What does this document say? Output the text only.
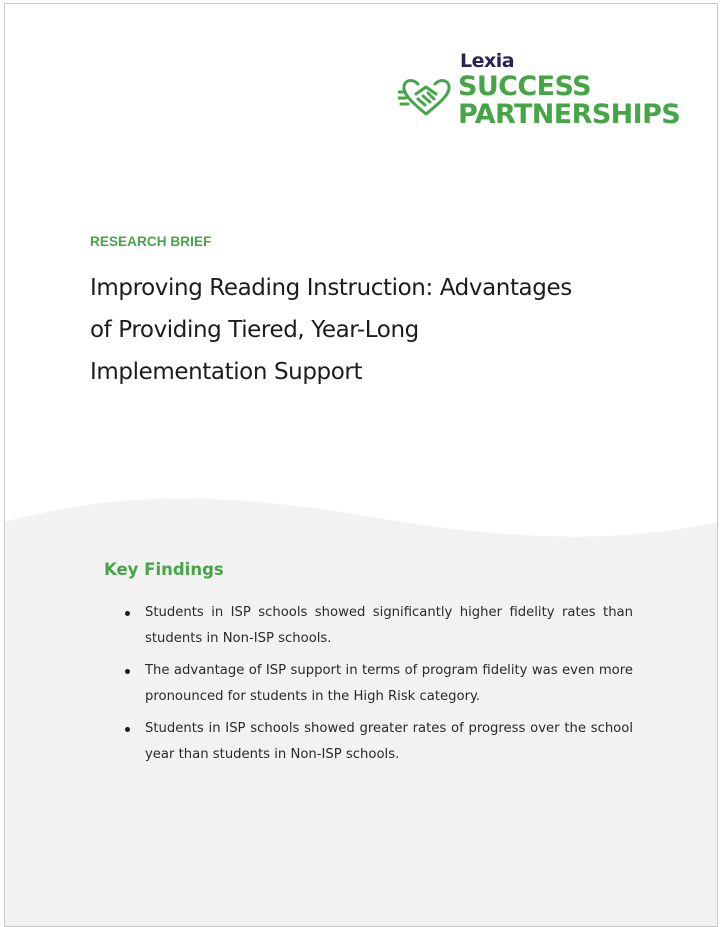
Lexia
SUCCESS
PARTNERSHIPS
RESEARCH BRIEF
Improving Reading Instruction: Advantages
of Providing Tiered, Year-Long
Implementation Support
Key Findings
Students in ISP schools showed significantly higher fidelity rates than students in Non-ISP schools.
The advantage of ISP support in terms of program fidelity was even more pronounced for students in the High Risk category.
Students in ISP schools showed greater rates of progress over the school year than students in Non-ISP schools.
